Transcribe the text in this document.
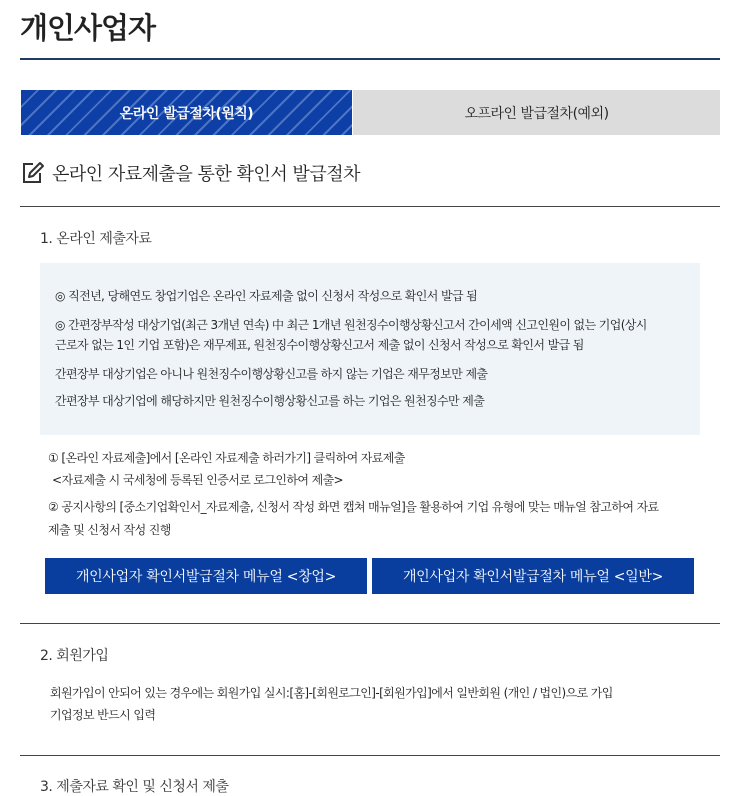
개인사업자
온라인 발급절차(원칙)	오프라인 발급절차(예외)
온라인 자료제출을 통한 확인서 발급절차
1. 온라인 제출자료
◎ 직전년, 당해연도 창업기업은 온라인 자료제출 없이 신청서 작성으로 확인서 발급 됨
◎ 간편장부작성 대상기업(최근 3개년 연속) 中 최근 1개년 원천징수이행상황신고서 간이세액 신고인원이 없는 기업(상시
근로자 없는 1인 기업 포함)은 재무제표, 원천징수이행상황신고서 제출 없이 신청서 작성으로 확인서 발급 됨
간편장부 대상기업은 아니나 원천징수이행상황신고를 하지 않는 기업은 재무정보만 제출
간편장부 대상기업에 해당하지만 원천징수이행상황신고를 하는 기업은 원천징수만 제출
① [온라인 자료제출]에서 [온라인 자료제출 하러가기] 클릭하여 자료제출
<자료제출 시 국세청에 등록된 인증서로 로그인하여 제출>
② 공지사항의 [중소기업확인서_자료제출, 신청서 작성 화면 캡쳐 매뉴얼]을 활용하여 기업 유형에 맞는 매뉴얼 참고하여 자료
제출 및 신청서 작성 진행
개인사업자 확인서발급절차 메뉴얼 <창업>	개인사업자 확인서발급절차 메뉴얼 <일반>
2. 회원가입
회원가입이 안되어 있는 경우에는 회원가입 실시:[홈]-[회원로그인]-[회원가입]에서 일반회원 (개인 / 법인)으로 가입
기업정보 반드시 입력
3. 제출자료 확인 및 신청서 제출
